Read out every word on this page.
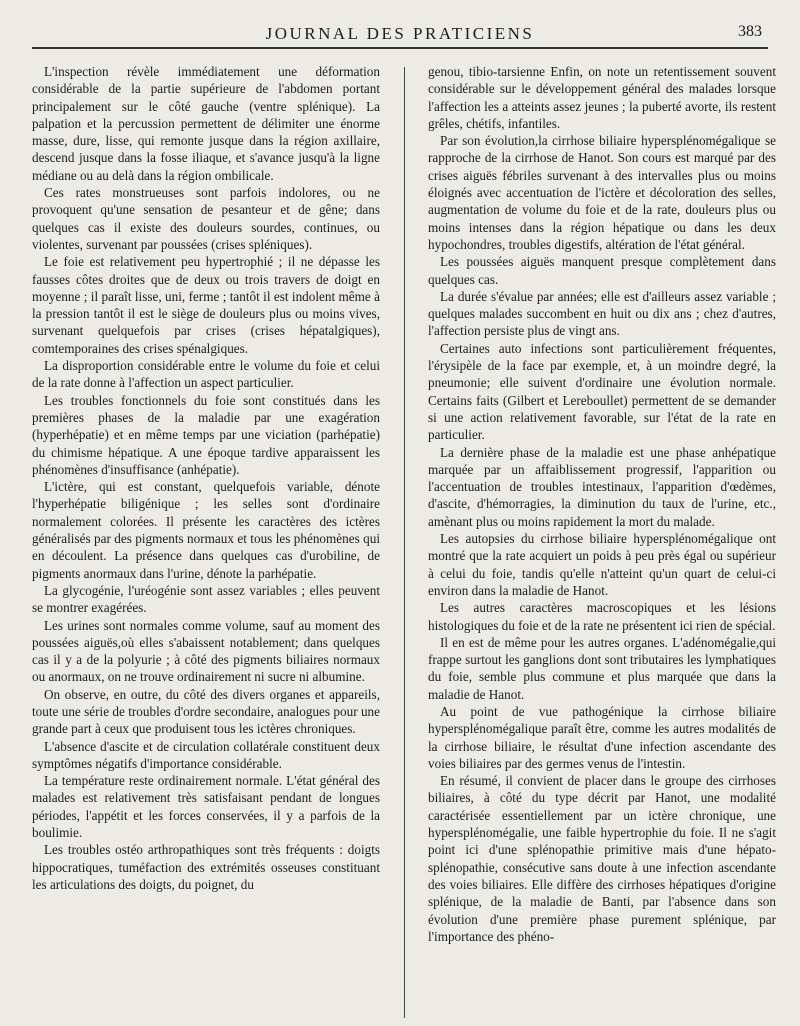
JOURNAL DES PRATICIENS	383

L'inspection révèle immédiatement une déformation considérable de la partie supérieure de l'abdomen portant principalement sur le côté gauche (ventre splénique). La palpation et la percussion permettent de délimiter une énorme masse, dure, lisse, qui remonte jusque dans la région axillaire, descend jusque dans la fosse iliaque, et s'avance jusqu'à la ligne médiane ou au delà dans la région ombilicale.

Ces rates monstrueuses sont parfois indolores, ou ne provoquent qu'une sensation de pesanteur et de gêne; dans quelques cas il existe des douleurs sourdes, continues, ou violentes, survenant par poussées (crises spléniques).

Le foie est relativement peu hypertrophié ; il ne dépasse les fausses côtes droites que de deux ou trois travers de doigt en moyenne ; il paraît lisse, uni, ferme ; tantôt il est indolent même à la pression tantôt il est le siège de douleurs plus ou moins vives, survenant quelquefois par crises (crises hépatalgiques), comtemporaines des crises spénalgiques.

La disproportion considérable entre le volume du foie et celui de la rate donne à l'affection un aspect particulier.

Les troubles fonctionnels du foie sont constitués dans les premières phases de la maladie par une exagération (hyperhépatie) et en même temps par une viciation (parhépatie) du chimisme hépatique. A une époque tardive apparaissent les phénomènes d'insuffisance (anhépatie).

L'ictère, qui est constant, quelquefois variable, dénote l'hyperhépatie biligénique ; les selles sont d'ordinaire normalement colorées. Il présente les caractères des ictères généralisés par des pigments normaux et tous les phénomènes qui en découlent. La présence dans quelques cas d'urobiline, de pigments anormaux dans l'urine, dénote la parhépatie.

La glycogénie, l'uréogénie sont assez variables ; elles peuvent se montrer exagérées.

Les urines sont normales comme volume, sauf au moment des poussées aiguës,où elles s'abaissent notablement; dans quelques cas il y a de la polyurie ; à côté des pigments biliaires normaux ou anormaux, on ne trouve ordinairement ni sucre ni albumine.

On observe, en outre, du côté des divers organes et appareils, toute une série de troubles d'ordre secondaire, analogues pour une grande part à ceux que produisent tous les ictères chroniques.

L'absence d'ascite et de circulation collatérale constituent deux symptômes négatifs d'importance considérable.

La température reste ordinairement normale. L'état général des malades est relativement très satisfaisant pendant de longues périodes, l'appétit et les forces conservées, il y a parfois de la boulimie.

Les troubles ostéo arthropathiques sont très fréquents : doigts hippocratiques, tuméfaction des extrémités osseuses constituant les articulations des doigts, du poignet, du

genou, tibio-tarsienne Enfin, on note un retentissement souvent considérable sur le développement général des malades lorsque l'affection les a atteints assez jeunes ; la puberté avorte, ils restent grêles, chétifs, infantiles.

Par son évolution,la cirrhose biliaire hypersplénomégalique se rapproche de la cirrhose de Hanot. Son cours est marqué par des crises aiguës fébriles survenant à des intervalles plus ou moins éloignés avec accentuation de l'ictère et décoloration des selles, augmentation de volume du foie et de la rate, douleurs plus ou moins intenses dans la région hépatique ou dans les deux hypochondres, troubles digestifs, altération de l'état général.

Les poussées aiguës manquent presque complètement dans quelques cas.

La durée s'évalue par années; elle est d'ailleurs assez variable ; quelques malades succombent en huit ou dix ans ; chez d'autres, l'affection persiste plus de vingt ans.

Certaines auto infections sont particulièrement fréquentes, l'érysipèle de la face par exemple, et, à un moindre degré, la pneumonie; elle suivent d'ordinaire une évolution normale. Certains faits (Gilbert et Lereboullet) permettent de se demander si une action relativement favorable, sur l'état de la rate en particulier.

La dernière phase de la maladie est une phase anhépatique marquée par un affaiblissement progressif, l'apparition ou l'accentuation de troubles intestinaux, l'apparition d'œdèmes, d'ascite, d'hémorragies, la diminution du taux de l'urine, etc., amènant plus ou moins rapidement la mort du malade.

Les autopsies du cirrhose biliaire hypersplénomégalique ont montré que la rate acquiert un poids à peu près égal ou supérieur à celui du foie, tandis qu'elle n'atteint qu'un quart de celui-ci environ dans la maladie de Hanot.

Les autres caractères macroscopiques et les lésions histologiques du foie et de la rate ne présentent ici rien de spécial.

Il en est de même pour les autres organes. L'adénomégalie,qui frappe surtout les ganglions dont sont tributaires les lymphatiques du foie, semble plus commune et plus marquée que dans la maladie de Hanot.

Au point de vue pathogénique la cirrhose biliaire hypersplénomégalique paraît être, comme les autres modalités de la cirrhose biliaire, le résultat d'une infection ascendante des voies biliaires par des germes venus de l'intestin.

En résumé, il convient de placer dans le groupe des cirrhoses biliaires, à côté du type décrit par Hanot, une modalité caractérisée essentiellement par un ictère chronique, une hypersplénomégalie, une faible hypertrophie du foie. Il ne s'agit point ici d'une splénopathie primitive mais d'une hépato-splénopathie, consécutive sans doute à une infection ascendante des voies biliaires. Elle diffère des cirrhoses hépatiques d'origine splénique, de la maladie de Banti, par l'absence dans son évolution d'une première phase purement splénique, par l'importance des phéno-
